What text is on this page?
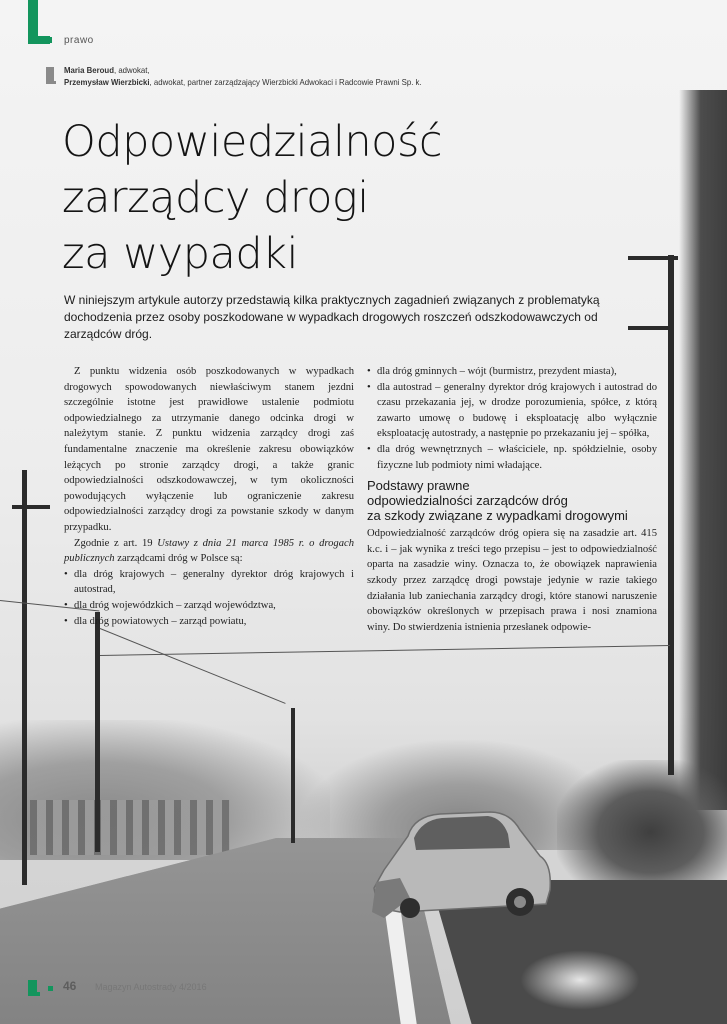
prawo
Maria Beroud, adwokat,
Przemysław Wierzbicki, adwokat, partner zarządzający Wierzbicki Adwokaci i Radcowie Prawni Sp. k.
Odpowiedzialność
zarządcy drogi
za wypadki

W niniejszym artykule autorzy przedstawią kilka praktycznych zagadnień związanych z problematyką dochodzenia przez osoby poszkodowane w wypadkach drogowych roszczeń odszkodowawczych od zarządców dróg.

Z punktu widzenia osób poszkodowanych w wypadkach drogowych spowodowanych niewłaściwym stanem jezdni szczególnie istotne jest prawidłowe ustalenie podmiotu odpowiedzialnego za utrzymanie danego odcinka drogi w należytym stanie. Z punktu widzenia zarządcy drogi zaś fundamentalne znaczenie ma określenie zakresu obowiązków leżących po stronie zarządcy drogi, a także granic odpowiedzialności odszkodowawczej, w tym okoliczności powodujących wyłączenie lub ograniczenie zakresu odpowiedzialności zarządcy drogi za powstanie szkody w danym przypadku.

Zgodnie z art. 19 Ustawy z dnia 21 marca 1985 r. o drogach publicznych zarządcami dróg w Polsce są:

• dla dróg krajowych – generalny dyrektor dróg krajowych i autostrad,
• dla dróg wojewódzkich – zarząd województwa,
• dla dróg powiatowych – zarząd powiatu,
• dla dróg gminnych – wójt (burmistrz, prezydent miasta),
• dla autostrad – generalny dyrektor dróg krajowych i autostrad do czasu przekazania jej, w drodze porozumienia, spółce, z którą zawarto umowę o budowę i eksploatację albo wyłącznie eksploatację autostrady, a następnie po przekazaniu jej – spółka,
• dla dróg wewnętrznych – właściciele, np. spółdzielnie, osoby fizyczne lub podmioty nimi władające.
Podstawy prawne
odpowiedzialności zarządców dróg
za szkody związane z wypadkami drogowymi

Odpowiedzialność zarządców dróg opiera się na zasadzie art. 415 k.c. i – jak wynika z treści tego przepisu – jest to odpowiedzialność oparta na zasadzie winy. Oznacza to, że obowiązek naprawienia szkody przez zarządcę drogi powstaje jedynie w razie takiego działania lub zaniechania zarządcy drogi, które stanowi naruszenie obowiązków określonych w przepisach prawa i nosi znamiona winy. Do stwierdzenia istnienia przesłanek odpowie-

46 Magazyn Autostrady 4/2016
